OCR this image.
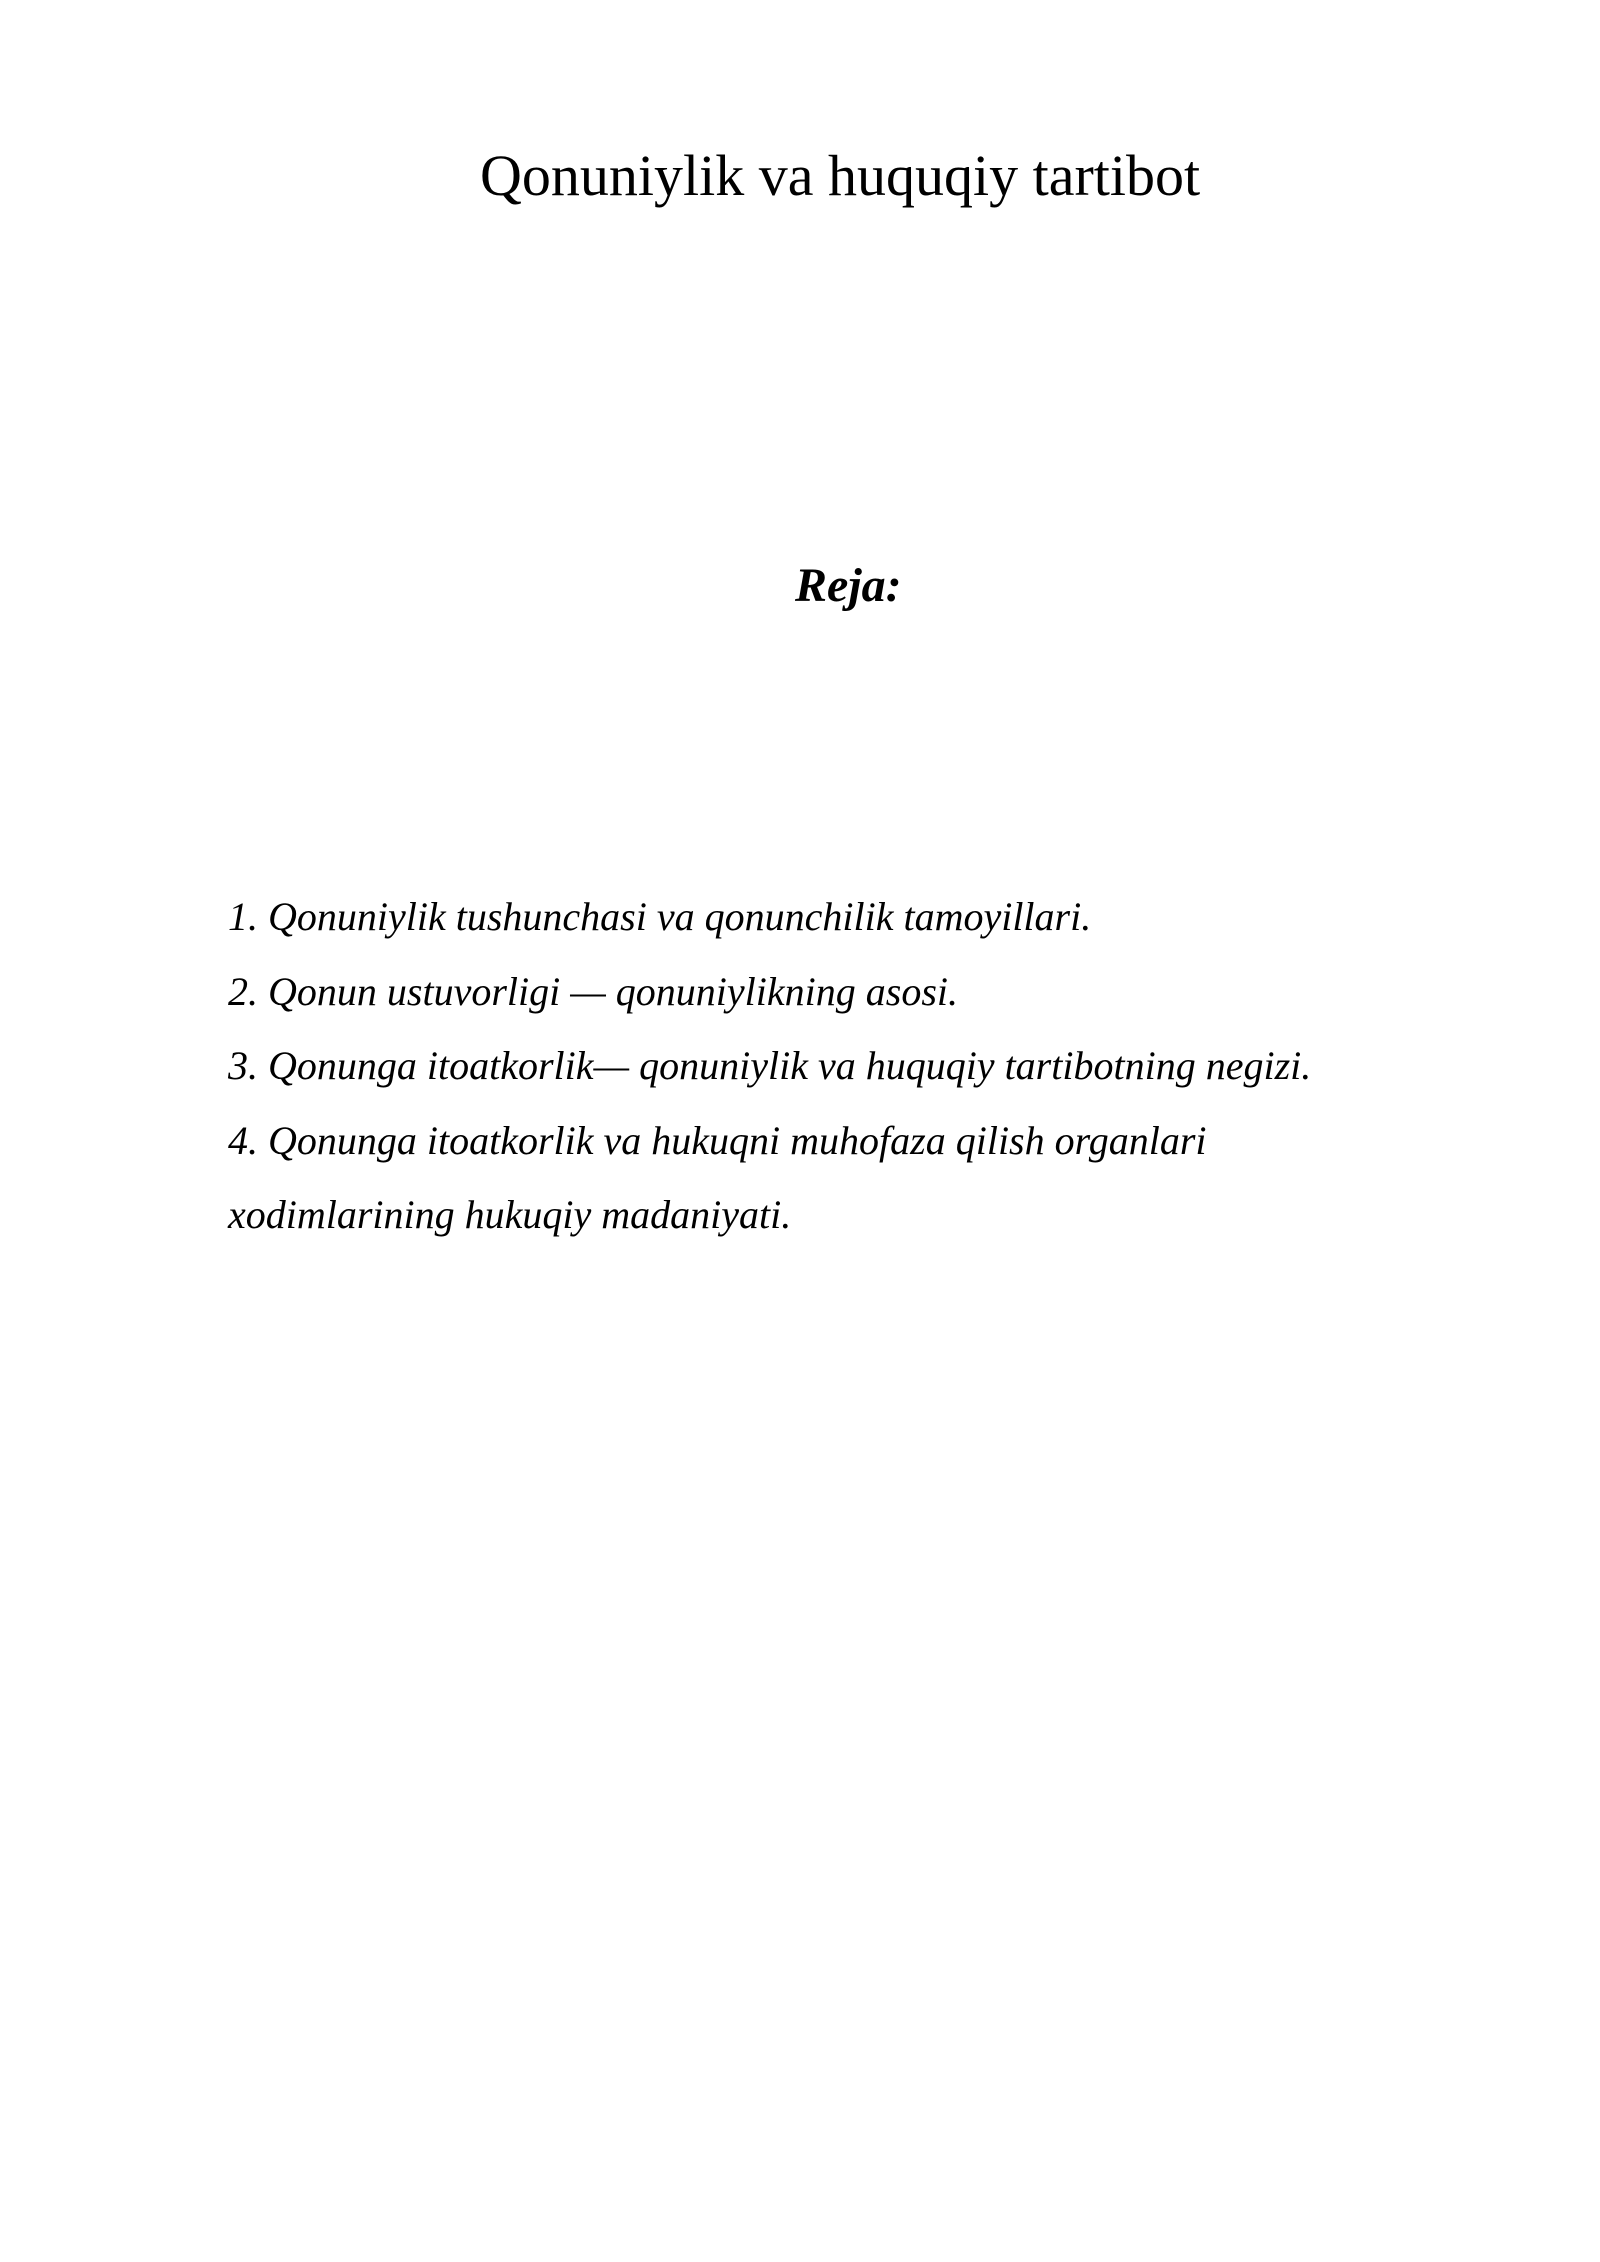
Qonuniylik va huquqiy tartibot
Reja:
1. Qonuniylik tushunchasi va qonunchilik tamoyillari.
2. Qonun ustuvorligi — qonuniylikning asosi.
3. Qonunga itoatkorlik— qonuniylik va huquqiy tartibotning negizi.
4. Qonunga itoatkorlik va hukuqni muhofaza qilish organlari
xodimlarining hukuqiy madaniyati.
